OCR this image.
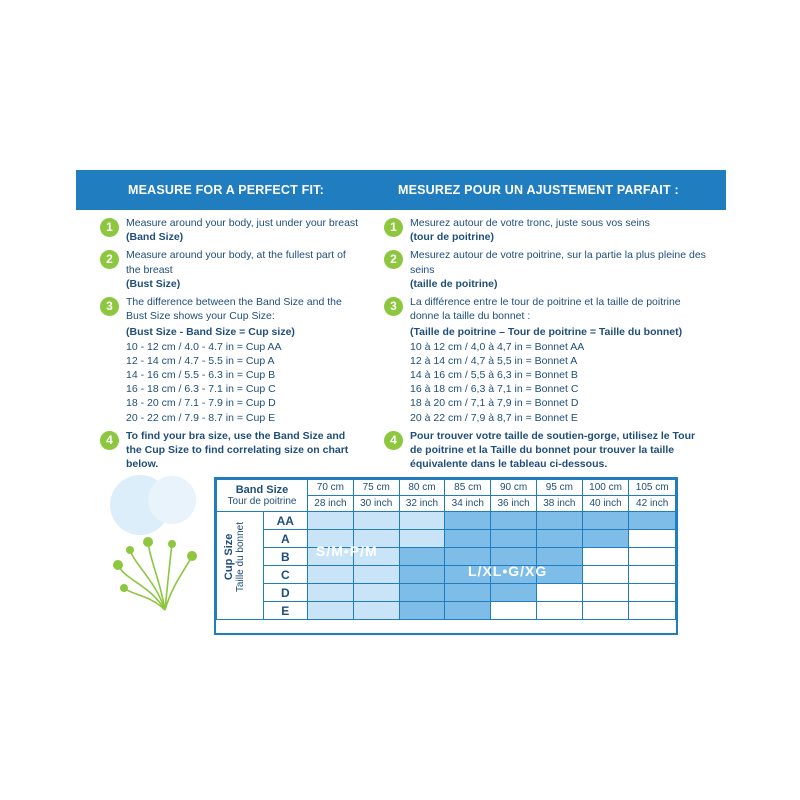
MEASURE FOR A PERFECT FIT:	MESUREZ POUR UN AJUSTEMENT PARFAIT :
1	Measure around your body, just under your breast
(Band Size)
2	Measure around your body, at the fullest part of the breast
(Bust Size)
3	The difference between the Band Size and the Bust Size shows your Cup Size:
(Bust Size - Band Size = Cup size)
10 - 12 cm / 4.0 - 4.7 in = Cup AA
12 - 14 cm / 4.7 - 5.5 in = Cup A
14 - 16 cm / 5.5 - 6.3 in = Cup B
16 - 18 cm / 6.3 - 7.1 in = Cup C
18 - 20 cm / 7.1 - 7.9 in = Cup D
20 - 22 cm / 7.9 - 8.7 in = Cup E
4	To find your bra size, use the Band Size and the Cup Size to find correlating size on chart below.
1	Mesurez autour de votre tronc, juste sous vos seins
(tour de poitrine)
2	Mesurez autour de votre poitrine, sur la partie la plus pleine des seins
(taille de poitrine)
3	La différence entre le tour de poitrine et la taille de poitrine donne la taille du bonnet :
(Taille de poitrine – Tour de poitrine = Taille du bonnet)
10 à 12 cm / 4,0 à 4,7 in = Bonnet AA
12 à 14 cm / 4,7 à 5,5 in = Bonnet A
14 à 16 cm / 5,5 à 6,3 in = Bonnet B
16 à 18 cm / 6,3 à 7,1 in = Bonnet C
18 à 20 cm / 7,1 à 7,9 in = Bonnet D
20 à 22 cm / 7,9 à 8,7 in = Bonnet E
4	Pour trouver votre taille de soutien-gorge, utilisez le Tour de poitrine et la Taille du bonnet pour trouver la taille équivalente dans le tableau ci-dessous.
Band Size
Tour de poitrine		70 cm	75 cm	80 cm	85 cm	90 cm	95 cm	100 cm	105 cm
		28 inch	30 inch	32 inch	34 inch	36 inch	38 inch	40 inch	42 inch

Cup Size
Taille du bonnet	AA								
	A								
	B								
	C								
	D								
	E								
S/M•P/M
L/XL•G/XG
